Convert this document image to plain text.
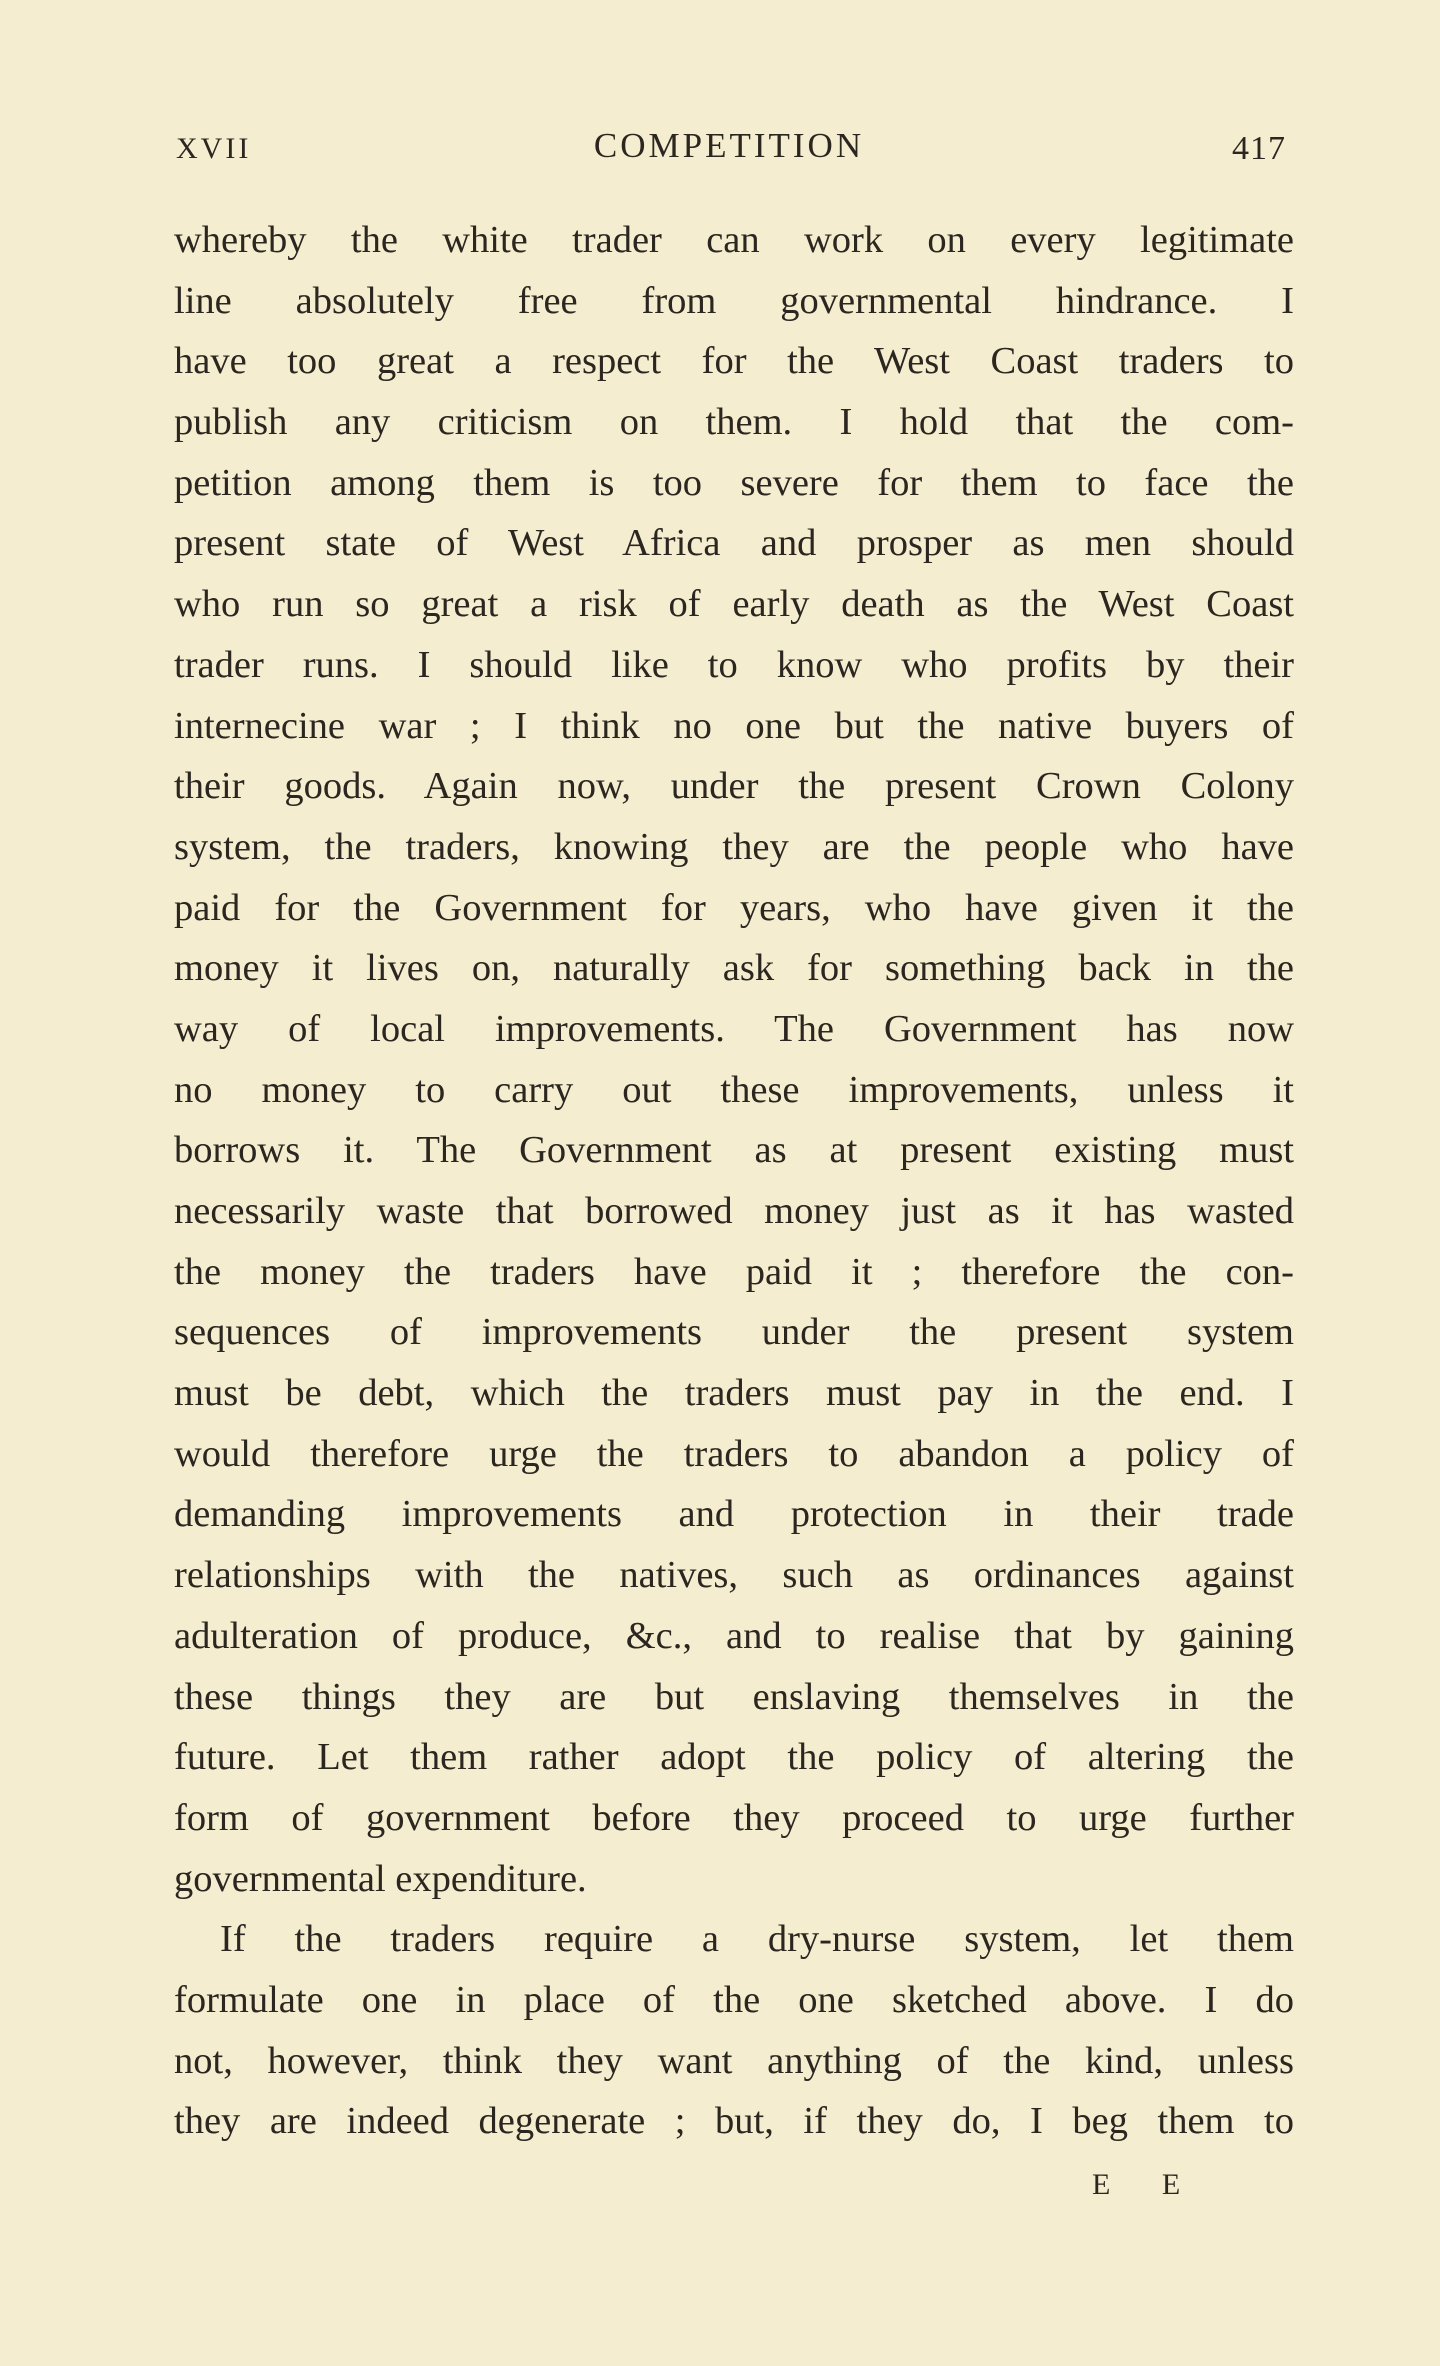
XVII	COMPETITION	417
whereby the white trader can work on every legitimate
line absolutely free from governmental hindrance. I
have too great a respect for the West Coast traders to
publish any criticism on them. I hold that the com-
petition among them is too severe for them to face the
present state of West Africa and prosper as men should
who run so great a risk of early death as the West Coast
trader runs. I should like to know who profits by their
internecine war ; I think no one but the native buyers of
their goods. Again now, under the present Crown Colony
system, the traders, knowing they are the people who have
paid for the Government for years, who have given it the
money it lives on, naturally ask for something back in the
way of local improvements. The Government has now
no money to carry out these improvements, unless it
borrows it. The Government as at present existing must
necessarily waste that borrowed money just as it has wasted
the money the traders have paid it ; therefore the con-
sequences of improvements under the present system
must be debt, which the traders must pay in the end. I
would therefore urge the traders to abandon a policy of
demanding improvements and protection in their trade
relationships with the natives, such as ordinances against
adulteration of produce, &c., and to realise that by gaining
these things they are but enslaving themselves in the
future. Let them rather adopt the policy of altering the
form of government before they proceed to urge further
governmental expenditure.
If the traders require a dry-nurse system, let them
formulate one in place of the one sketched above. I do
not, however, think they want anything of the kind, unless
they are indeed degenerate ; but, if they do, I beg them to
E E
